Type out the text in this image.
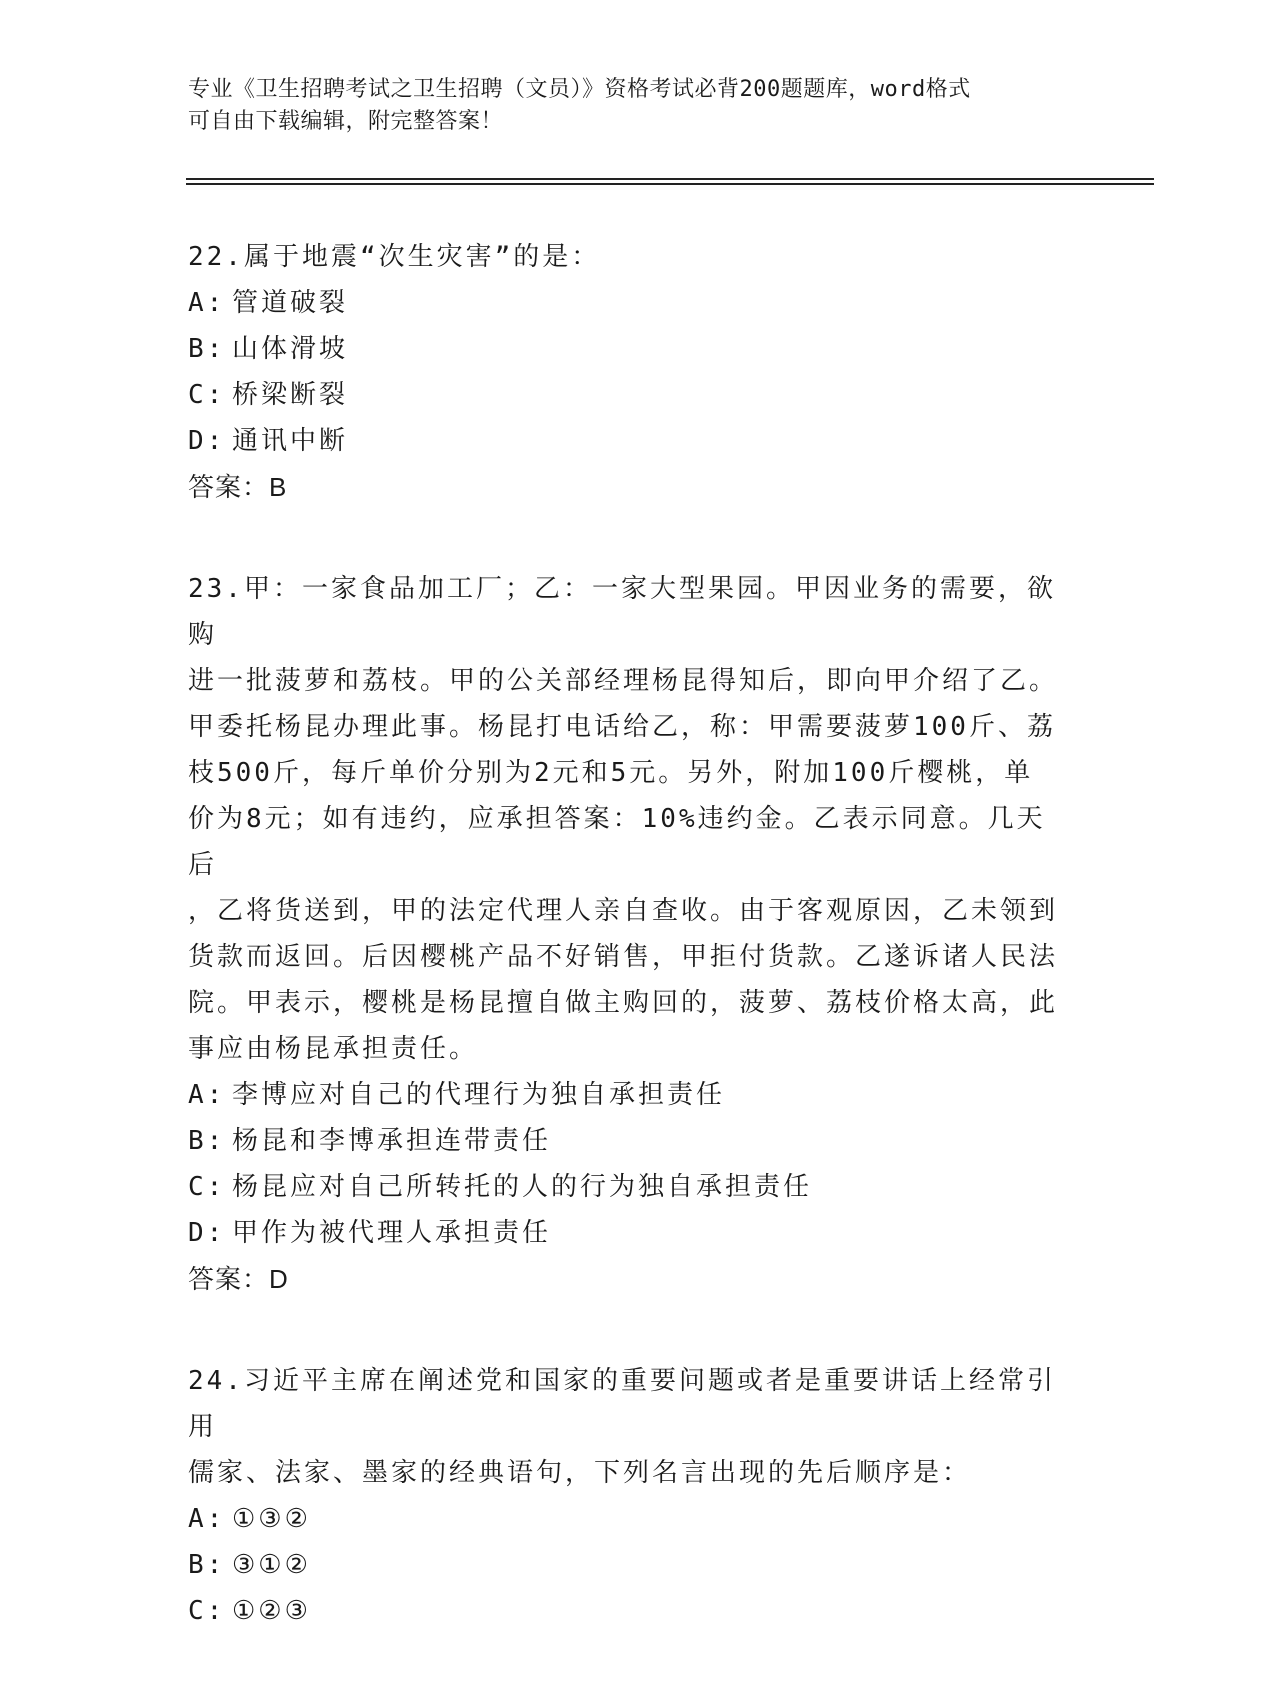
专业《卫生招聘考试之卫生招聘（文员）》资格考试必背200题题库，word格式
可自由下载编辑，附完整答案！

22.属于地震“次生灾害”的是：

A: 管道破裂

B: 山体滑坡

C: 桥梁断裂

D: 通讯中断

答案：B

23.甲：一家食品加工厂；乙：一家大型果园。甲因业务的需要，欲购

进一批菠萝和荔枝。甲的公关部经理杨昆得知后，即向甲介绍了乙。

甲委托杨昆办理此事。杨昆打电话给乙，称：甲需要菠萝100斤、荔

枝500斤，每斤单价分别为2元和5元。另外，附加100斤樱桃，单

价为8元；如有违约，应承担答案：10%违约金。乙表示同意。几天后

，乙将货送到，甲的法定代理人亲自查收。由于客观原因，乙未领到

货款而返回。后因樱桃产品不好销售，甲拒付货款。乙遂诉诸人民法

院。甲表示，樱桃是杨昆擅自做主购回的，菠萝、荔枝价格太高，此

事应由杨昆承担责任。

A: 李博应对自己的代理行为独自承担责任

B: 杨昆和李博承担连带责任

C: 杨昆应对自己所转托的人的行为独自承担责任

D: 甲作为被代理人承担责任

答案：D

24.习近平主席在阐述党和国家的重要问题或者是重要讲话上经常引用

儒家、法家、墨家的经典语句，下列名言出现的先后顺序是：

A: ①③②

B: ③①②

C: ①②③
